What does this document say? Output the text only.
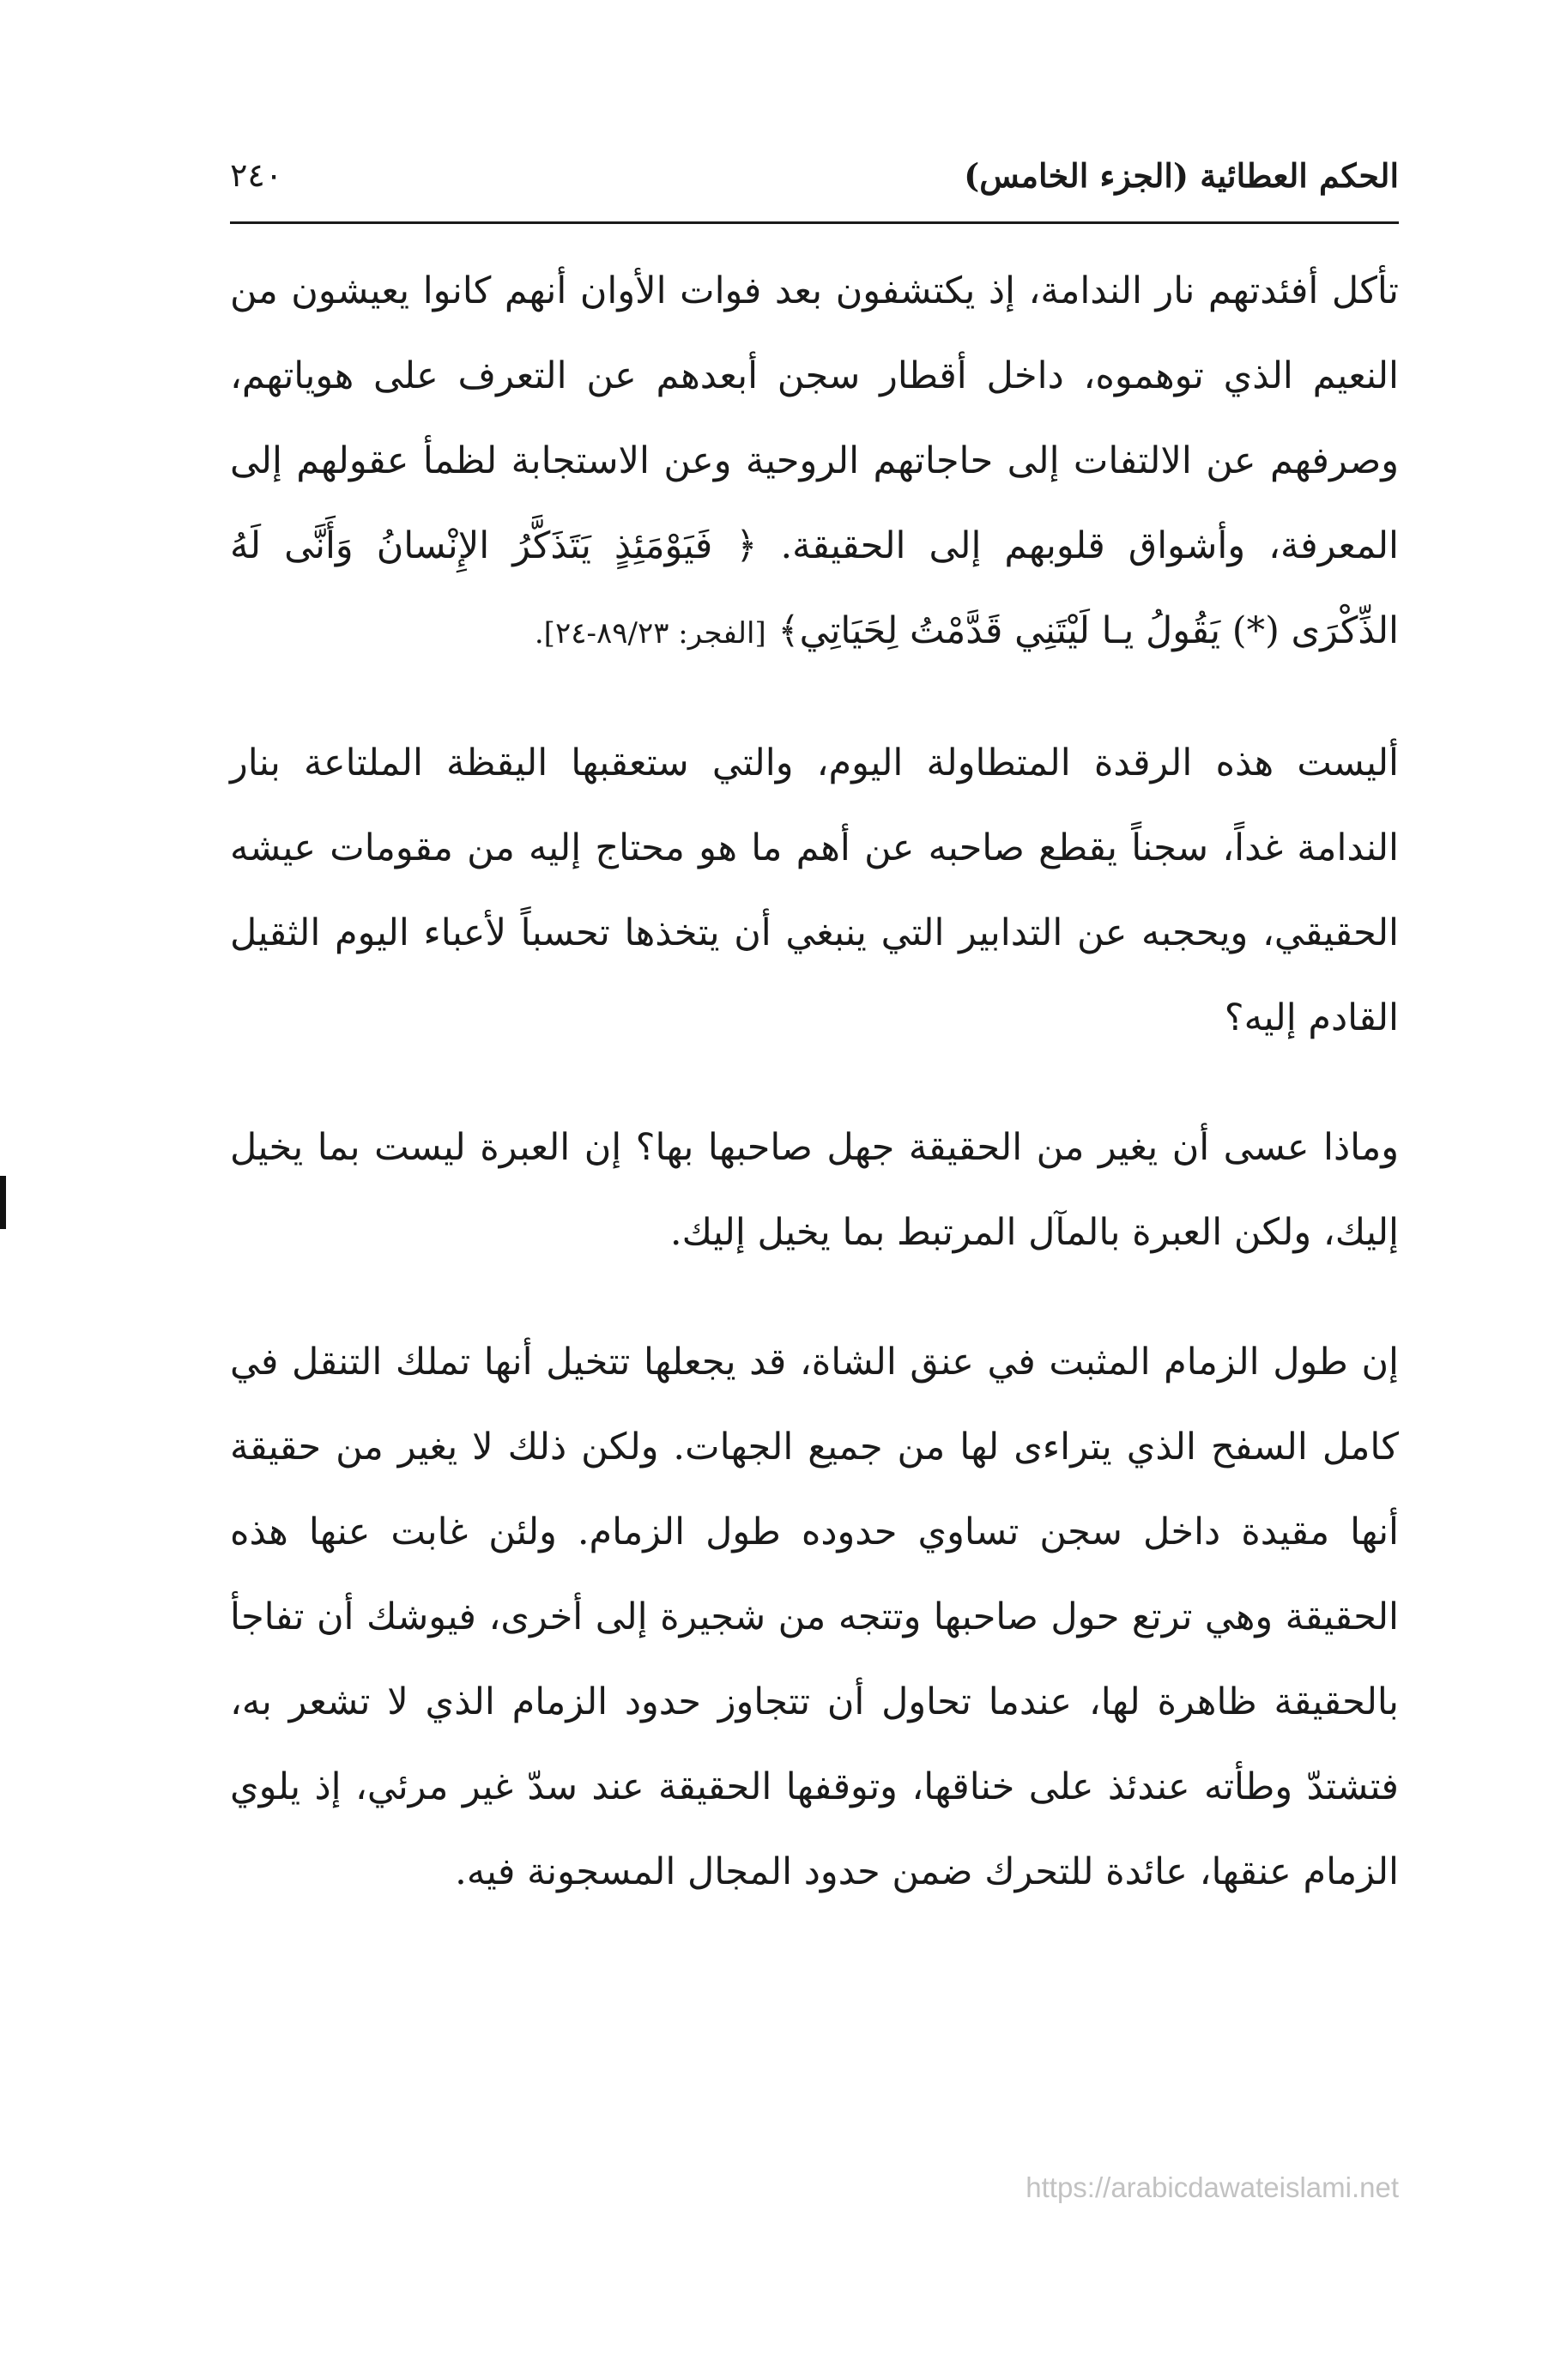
الحكم العطائية (الجزء الخامس)
٢٤٠

تأكل أفئدتهم نار الندامة، إذ يكتشفون بعد فوات الأوان أنهم كانوا يعيشون من النعيم الذي توهموه، داخل أقطار سجن أبعدهم عن التعرف على هوياتهم، وصرفهم عن الالتفات إلى حاجاتهم الروحية وعن الاستجابة لظمأ عقولهم إلى المعرفة، وأشواق قلوبهم إلى الحقيقة. ﴿ فَيَوْمَئِذٍ يَتَذَكَّرُ الإِنْسانُ وَأَنَّى لَهُ الذِّكْرَى (*) يَقُولُ يـا لَيْتَنِي قَدَّمْتُ لِحَيَاتِي﴾ [الفجر: ٨٩/٢٣-٢٤].

أليست هذه الرقدة المتطاولة اليوم، والتي ستعقبها اليقظة الملتاعة بنار الندامة غداً، سجناً يقطع صاحبه عن أهم ما هو محتاج إليه من مقومات عيشه الحقيقي، ويحجبه عن التدابير التي ينبغي أن يتخذها تحسباً لأعباء اليوم الثقيل القادم إليه؟

وماذا عسى أن يغير من الحقيقة جهل صاحبها بها؟ إن العبرة ليست بما يخيل إليك، ولكن العبرة بالمآل المرتبط بما يخيل إليك.

إن طول الزمام المثبت في عنق الشاة، قد يجعلها تتخيل أنها تملك التنقل في كامل السفح الذي يتراءى لها من جميع الجهات. ولكن ذلك لا يغير من حقيقة أنها مقيدة داخل سجن تساوي حدوده طول الزمام. ولئن غابت عنها هذه الحقيقة وهي ترتع حول صاحبها وتتجه من شجيرة إلى أخرى، فيوشك أن تفاجأ بالحقيقة ظاهرة لها، عندما تحاول أن تتجاوز حدود الزمام الذي لا تشعر به، فتشتدّ وطأته عندئذ على خناقها، وتوقفها الحقيقة عند سدّ غير مرئي، إذ يلوي الزمام عنقها، عائدة للتحرك ضمن حدود المجال المسجونة فيه.

https://arabicdawateislami.net
